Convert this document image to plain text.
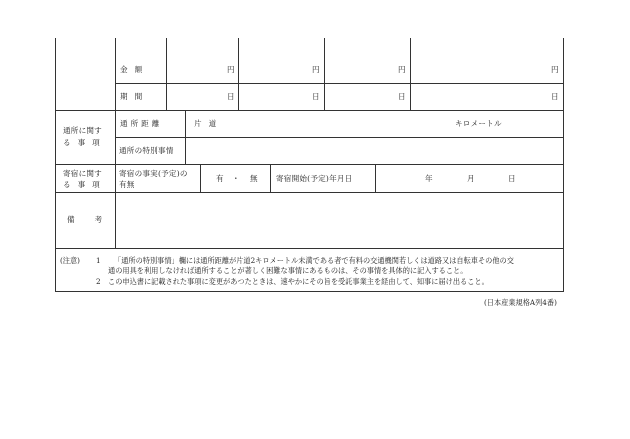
金額	円	円	円	円
期間	日	日	日	日
通所に関す
る事項
通所距離	片道	キロメートル
通所の特別事情
寄宿に関す
る事項
寄宿の事実(予定)の
有無
有 ・ 無 寄宿開始(予定)年月日	年	月	日
備考
(注意) 1 「通所の特別事情」欄には通所距離が片道2キロメートル未満である者で有料の交通機関若しくは道路又は自転車その他の交
通の用具を利用しなければ通所することが著しく困難な事情にあるものは、その事情を具体的に記入すること。
2 この申込書に記載された事項に変更があつたときは、速やかにその旨を受託事業主を経由して、知事に届け出ること。
(日本産業規格A列4番)
